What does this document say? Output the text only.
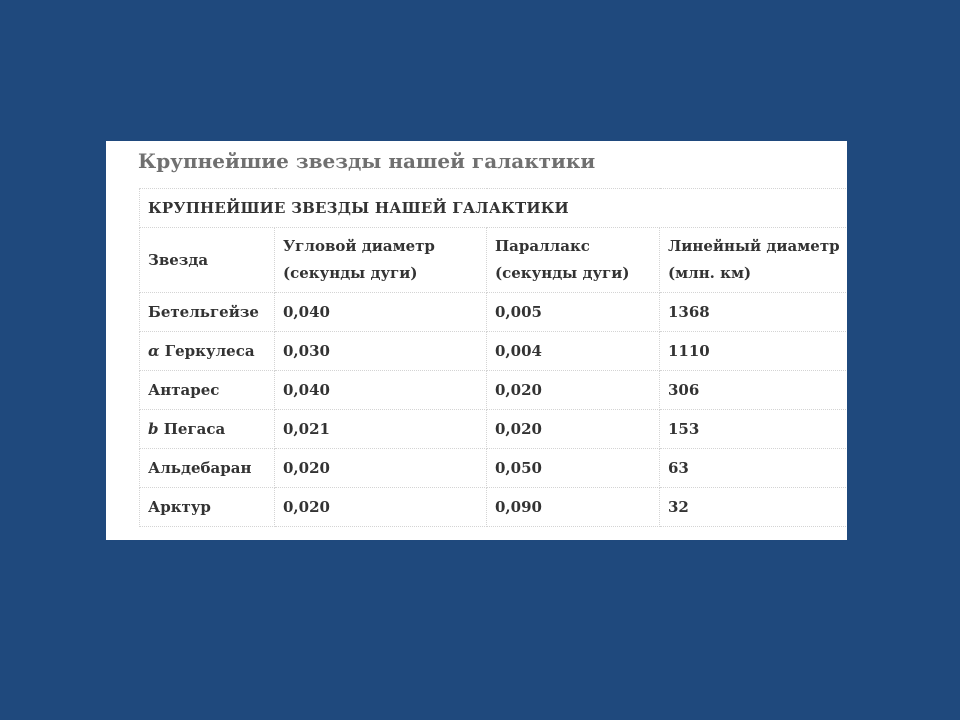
Крупнейшие звезды нашей галактики
КРУПНЕЙШИЕ ЗВЕЗДЫ НАШЕЙ ГАЛАКТИКИ			
Звезда	Угловой диаметр (секунды дуги)	Параллакс (секунды дуги)	Линейный диаметр (млн. км)
Бетельгейзе	0,040	0,005	1368
α Геркулеса	0,030	0,004	1110
Антарес	0,040	0,020	306
b Пегаса	0,021	0,020	153
Альдебаран	0,020	0,050	63
Арктур	0,020	0,090	32
